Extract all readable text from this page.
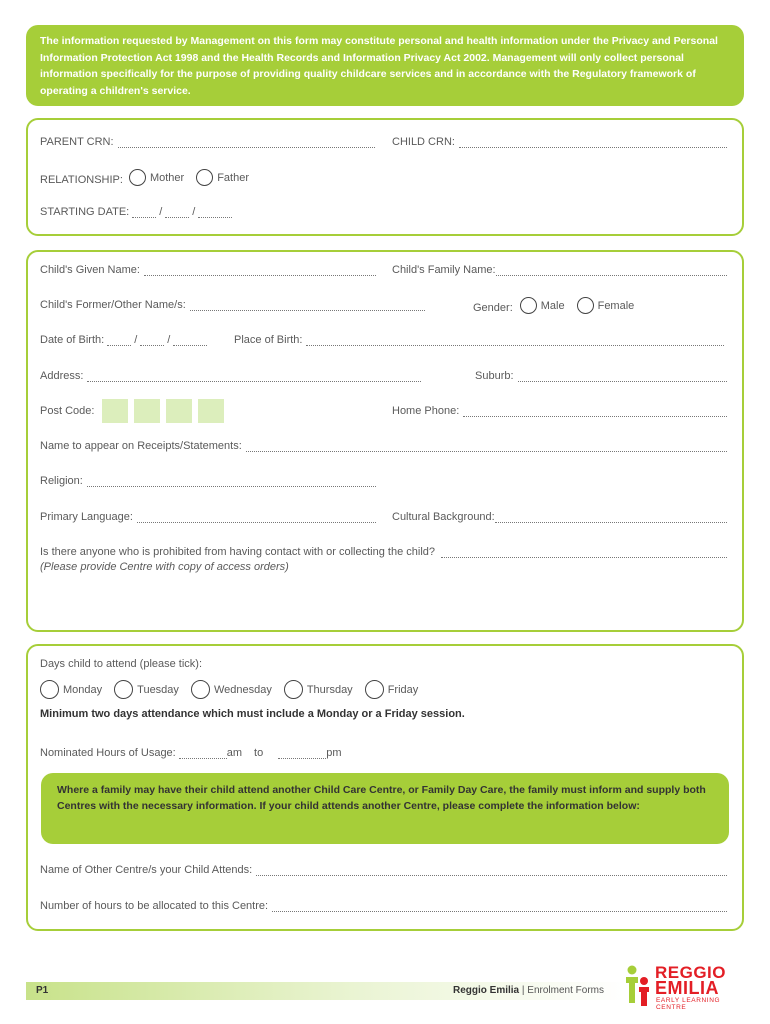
The information requested by Management on this form may constitute personal and health information under the Privacy and Personal Information Protection Act 1998 and the Health Records and Information Privacy Act 2002. Management will only collect personal information specifically for the purpose of providing quality childcare services and in accordance with the Regulatory framework of operating a children's service.
PARENT CRN:	CHILD CRN:
RELATIONSHIP: Mother	Father
STARTING DATE:	/	/
Child's Given Name:	Child's Family Name:
Child's Former/Other Name/s:	Gender:	Male	Female
Date of Birth:	/	/	Place of Birth:
Address:	Suburb:
Post Code:	Home Phone:
Name to appear on Receipts/Statements:
Religion:
Primary Language:	Cultural Background:
Is there anyone who is prohibited from having contact with or collecting the child?
(Please provide Centre with copy of access orders)
Days child to attend (please tick):
Monday	Tuesday	Wednesday	Thursday	Friday
Minimum two days attendance which must include a Monday or a Friday session.
Nominated Hours of Usage:	am to	pm
Where a family may have their child attend another Child Care Centre, or Family Day Care, the family must inform and supply both Centres with the necessary information. If your child attends another Centre, please complete the information below:
Name of Other Centre/s your Child Attends:
Number of hours to be allocated to this Centre:
P1	Reggio Emilia | Enrolment Forms
REGGIO
EMILIA
EARLY LEARNING CENTRE
